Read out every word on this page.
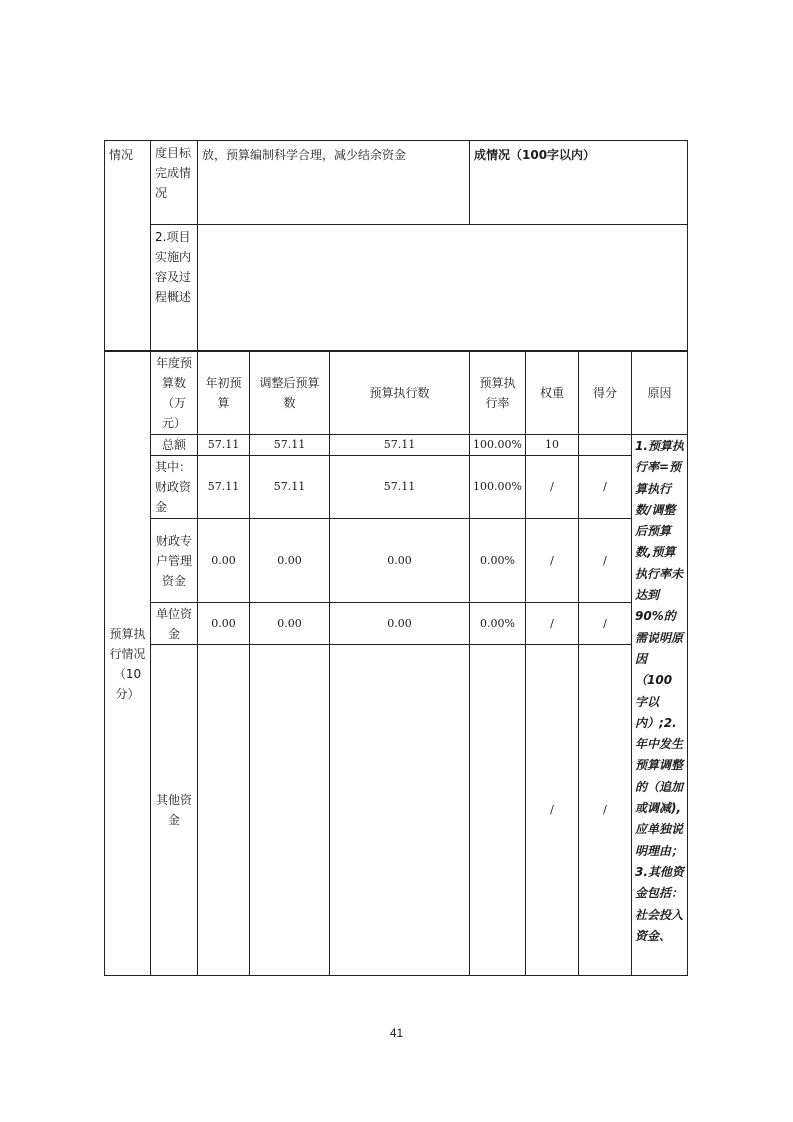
情况	度目标完成情况	放，预算编制科学合理，减少结余资金	成情况（100字以内）
	2.项目实施内容及过程概述		
预算执行情况（10分）	年度预算数（万元）	年初预算	调整后预算数	预算执行数	预算执行率	权重	得分	原因
	总额	57.11	57.11	57.11	100.00%	10		1.预算执行率=预算执行数/调整后预算数,预算执行率未达到90%的需说明原因（100字以内）;2.年中发生预算调整的（追加或调减),应单独说明理由；3.其他资金包括：社会投入资金、
	其中：财政资金	57.11	57.11	57.11	100.00%	/	/	
	财政专户管理资金	0.00	0.00	0.00	0.00%	/	/	
	单位资金	0.00	0.00	0.00	0.00%	/	/	
	其他资金					/	/	
41
